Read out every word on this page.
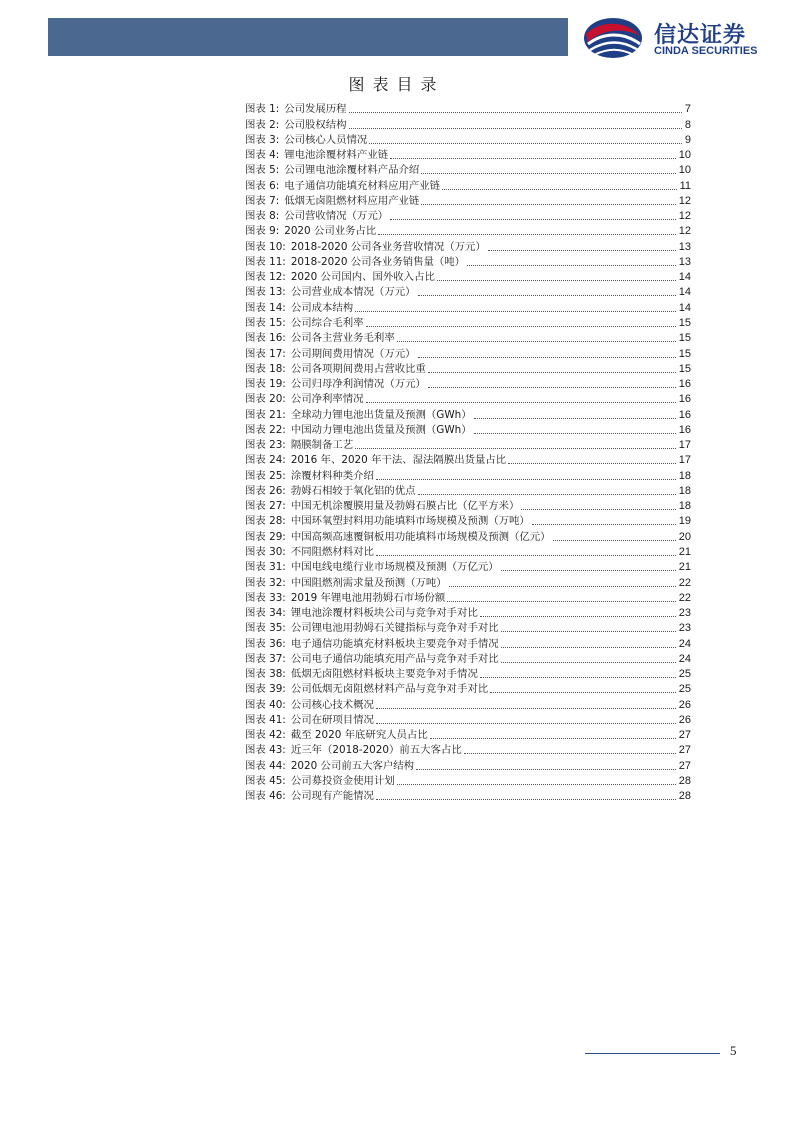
信达证券
CINDA SECURITIES
图表目录
图表 1: 公司发展历程	7
图表 2: 公司股权结构	8
图表 3: 公司核心人员情况	9
图表 4: 锂电池涂覆材料产业链	10
图表 5: 公司锂电池涂覆材料产品介绍	10
图表 6: 电子通信功能填充材料应用产业链	11
图表 7: 低烟无卤阻燃材料应用产业链	12
图表 8: 公司营收情况（万元）	12
图表 9: 2020 公司业务占比	12
图表 10: 2018-2020 公司各业务营收情况（万元）	13
图表 11: 2018-2020 公司各业务销售量（吨）	13
图表 12: 2020 公司国内、国外收入占比	14
图表 13: 公司营业成本情况（万元）	14
图表 14: 公司成本结构	14
图表 15: 公司综合毛利率	15
图表 16: 公司各主营业务毛利率	15
图表 17: 公司期间费用情况（万元）	15
图表 18: 公司各项期间费用占营收比重	15
图表 19: 公司归母净利润情况（万元）	16
图表 20: 公司净利率情况	16
图表 21: 全球动力锂电池出货量及预测（GWh）	16
图表 22: 中国动力锂电池出货量及预测（GWh）	16
图表 23: 隔膜制备工艺	17
图表 24: 2016 年、2020 年干法、湿法隔膜出货量占比	17
图表 25: 涂覆材料种类介绍	18
图表 26: 勃姆石相较于氧化铝的优点	18
图表 27: 中国无机涂覆膜用量及勃姆石膜占比（亿平方米）	18
图表 28: 中国环氧塑封料用功能填料市场规模及预测（万吨）	19
图表 29: 中国高频高速覆铜板用功能填料市场规模及预测（亿元）	20
图表 30: 不同阻燃材料对比	21
图表 31: 中国电线电缆行业市场规模及预测（万亿元）	21
图表 32: 中国阻燃剂需求量及预测（万吨）	22
图表 33: 2019 年锂电池用勃姆石市场份额	22
图表 34: 锂电池涂覆材料板块公司与竞争对手对比	23
图表 35: 公司锂电池用勃姆石关键指标与竞争对手对比	23
图表 36: 电子通信功能填充材料板块主要竞争对手情况	24
图表 37: 公司电子通信功能填充用产品与竞争对手对比	24
图表 38: 低烟无卤阻燃材料板块主要竞争对手情况	25
图表 39: 公司低烟无卤阻燃材料产品与竞争对手对比	25
图表 40: 公司核心技术概况	26
图表 41: 公司在研项目情况	26
图表 42: 截至 2020 年底研究人员占比	27
图表 43: 近三年（2018-2020）前五大客占比	27
图表 44: 2020 公司前五大客户结构	27
图表 45: 公司募投资金使用计划	28
图表 46: 公司现有产能情况	28
5
